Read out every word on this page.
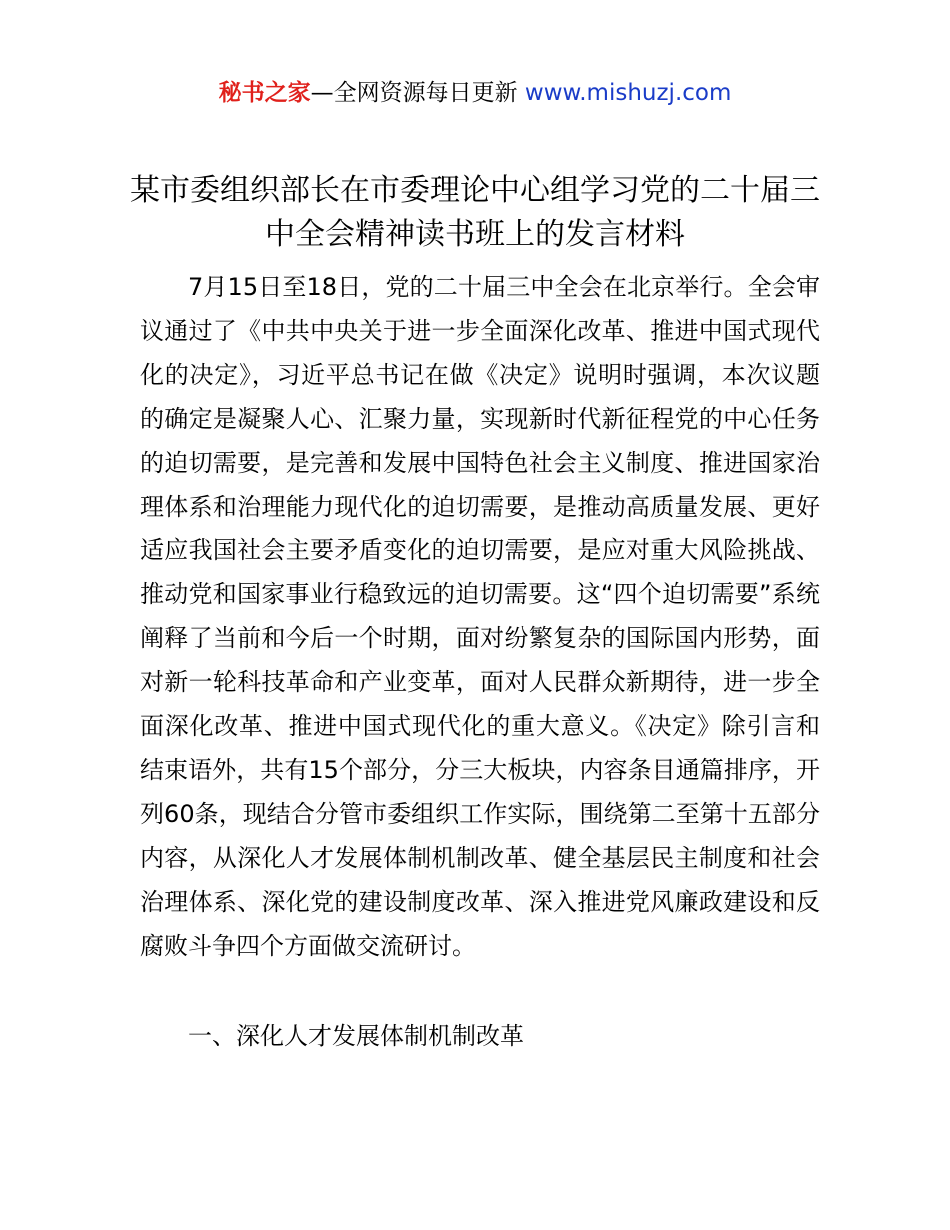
秘书之家—全网资源每日更新 www.mishuzj.com
某市委组织部长在市委理论中心组学习党的二十届三中全会精神读书班上的发言材料

7月15日至18日，党的二十届三中全会在北京举行。全会审议通过了《中共中央关于进一步全面深化改革、推进中国式现代化的决定》，习近平总书记在做《决定》说明时强调，本次议题的确定是凝聚人心、汇聚力量，实现新时代新征程党的中心任务的迫切需要，是完善和发展中国特色社会主义制度、推进国家治理体系和治理能力现代化的迫切需要，是推动高质量发展、更好适应我国社会主要矛盾变化的迫切需要，是应对重大风险挑战、推动党和国家事业行稳致远的迫切需要。这“四个迫切需要”系统阐释了当前和今后一个时期，面对纷繁复杂的国际国内形势，面对新一轮科技革命和产业变革，面对人民群众新期待，进一步全面深化改革、推进中国式现代化的重大意义。《决定》除引言和结束语外，共有15个部分，分三大板块，内容条目通篇排序，开列60条，现结合分管市委组织工作实际，围绕第二至第十五部分内容，从深化人才发展体制机制改革、健全基层民主制度和社会治理体系、深化党的建设制度改革、深入推进党风廉政建设和反腐败斗争四个方面做交流研讨。

一、深化人才发展体制机制改革
